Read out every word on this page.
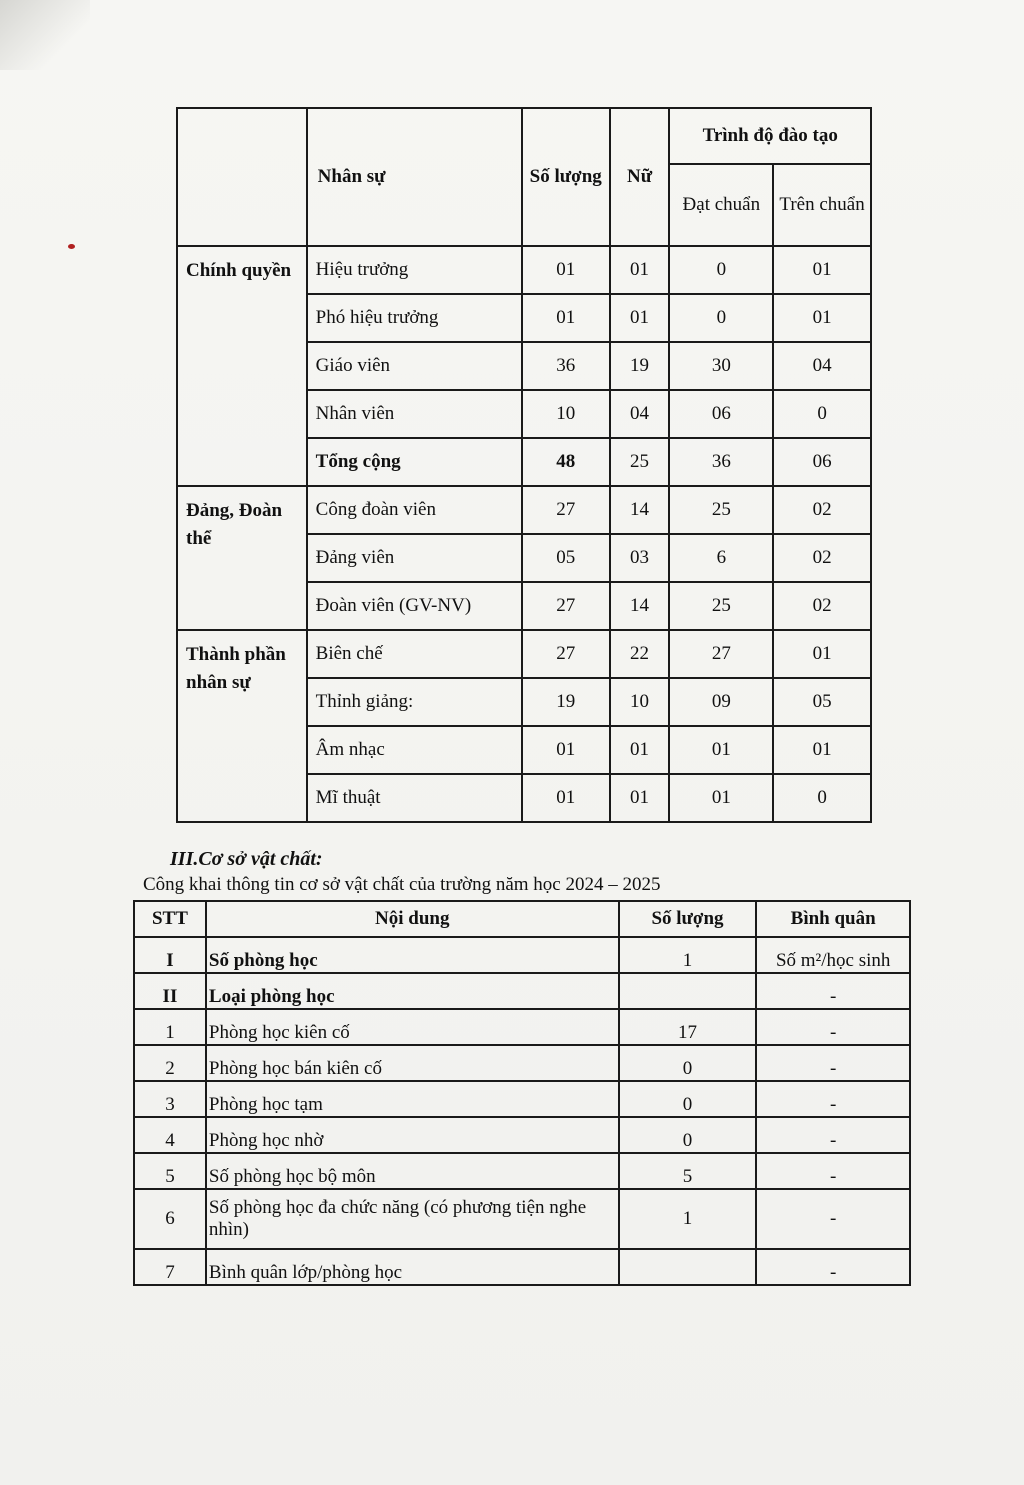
	Nhân sự	Số lượng	Nữ	Trình độ đào tạo	
				Đạt chuẩn	Trên chuẩn
Chính quyền	Hiệu trưởng	01	01	0	01
	Phó hiệu trưởng	01	01	0	01
	Giáo viên	36	19	30	04
	Nhân viên	10	04	06	0
	Tổng cộng	48	25	36	06
Đảng, Đoàn thể	Công đoàn viên	27	14	25	02
	Đảng viên	05	03	6	02
	Đoàn viên (GV-NV)	27	14	25	02
Thành phần nhân sự	Biên chế	27	22	27	01
	Thỉnh giảng:	19	10	09	05
	Âm nhạc	01	01	01	01
	Mĩ thuật	01	01	01	0
III.Cơ sở vật chất:
Công khai thông tin cơ sở vật chất của trường năm học 2024 – 2025
STT	Nội dung	Số lượng	Bình quân
I	Số phòng học	1	Số m²/học sinh
II	Loại phòng học		-
1	Phòng học kiên cố	17	-
2	Phòng học bán kiên cố	0	-
3	Phòng học tạm	0	-
4	Phòng học nhờ	0	-
5	Số phòng học bộ môn	5	-
6	Số phòng học đa chức năng (có phương tiện nghe nhìn)	1	-
7	Bình quân lớp/phòng học		-
